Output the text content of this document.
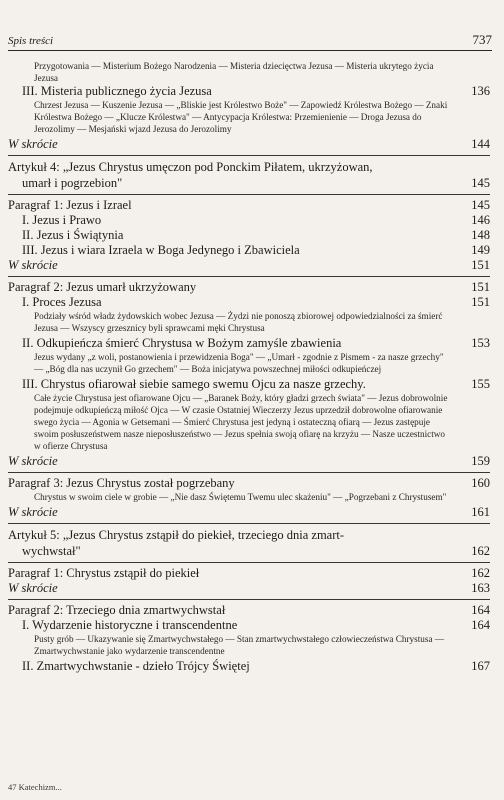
Spis treści	737
Przygotowania — Misterium Bożego Narodzenia — Misteria dziecięctwa Jezusa — Misteria ukrytego życia Jezusa
III. Misteria publicznego życia Jezusa	136
Chrzest Jezusa — Kuszenie Jezusa — „Bliskie jest Królestwo Boże" — Zapowiedź Królestwa Bożego — Znaki Królestwa Bożego — „Klucze Królestwa" — Antycypacja Królestwa: Przemienienie — Droga Jezusa do Jerozolimy — Mesjański wjazd Jezusa do Jerozolimy
W skrócie	144
Artykuł 4: „Jezus Chrystus umęczon pod Ponckim Piłatem, ukrzyżowan,
umarł i pogrzebion"	145
Paragraf 1: Jezus i Izrael	145
I. Jezus i Prawo	146
II. Jezus i Świątynia	148
III. Jezus i wiara Izraela w Boga Jedynego i Zbawiciela	149
W skrócie	151
Paragraf 2: Jezus umarł ukrzyżowany	151
I. Proces Jezusa	151
Podziały wśród władz żydowskich wobec Jezusa — Żydzi nie ponoszą zbiorowej odpowiedzialności za śmierć Jezusa — Wszyscy grzesznicy byli sprawcami męki Chrystusa
II. Odkupieńcza śmierć Chrystusa w Bożym zamyśle zbawienia	153
Jezus wydany „z woli, postanowienia i przewidzenia Boga" — „Umarł - zgodnie z Pismem - za nasze grzechy" — „Bóg dla nas uczynił Go grzechem" — Boża inicjatywa powszechnej miłości odkupieńczej
III. Chrystus ofiarował siebie samego swemu Ojcu za nasze grzechy.	155
Całe życie Chrystusa jest ofiarowane Ojcu — „Baranek Boży, który gładzi grzech świata" — Jezus dobrowolnie podejmuje odkupieńczą miłość Ojca — W czasie Ostatniej Wieczerzy Jezus uprzedził dobrowolne ofiarowanie swego życia — Agonia w Getsemani — Śmierć Chrystusa jest jedyną i ostateczną ofiarą — Jezus zastępuje swoim posłuszeństwem nasze nieposłuszeństwo — Jezus spełnia swoją ofiarę na krzyżu — Nasze uczestnictwo w ofierze Chrystusa
W skrócie	159
Paragraf 3: Jezus Chrystus został pogrzebany	160
Chrystus w swoim ciele w grobie — „Nie dasz Świętemu Twemu ulec skażeniu" — „Pogrzebani z Chrystusem"
W skrócie	161
Artykuł 5: „Jezus Chrystus zstąpił do piekieł, trzeciego dnia zmart-
wychwstał"	162
Paragraf 1: Chrystus zstąpił do piekieł	162
W skrócie	163
Paragraf 2: Trzeciego dnia zmartwychwstał	164
I. Wydarzenie historyczne i transcendentne	164
Pusty grób — Ukazywanie się Zmartwychwstałego — Stan zmartwychwstałego człowieczeństwa Chrystusa — Zmartwychwstanie jako wydarzenie transcendentne
II. Zmartwychwstanie - dzieło Trójcy Świętej	167
47 Katechizm...
